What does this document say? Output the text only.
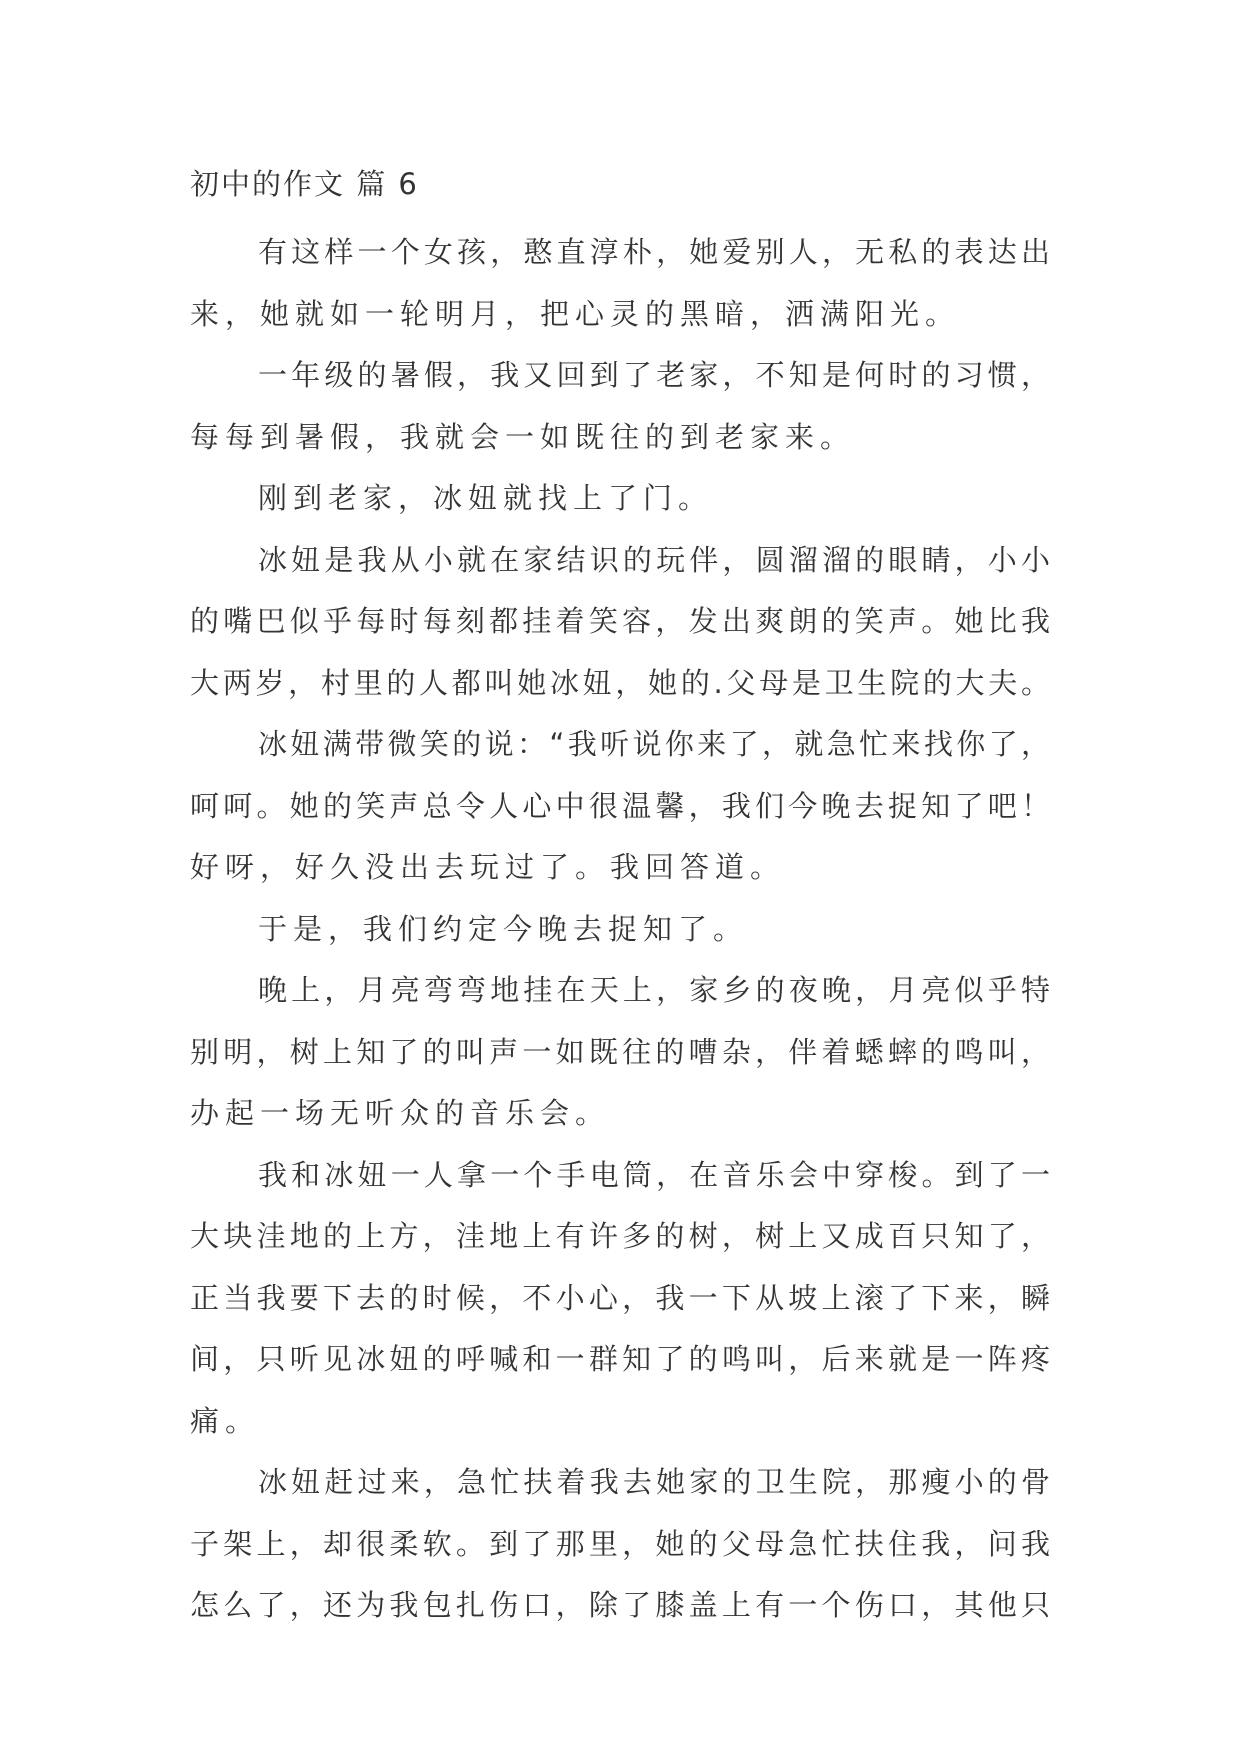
初中的作文 篇 6
有这样一个女孩，憨直淳朴，她爱别人，无私的表达出
来，她就如一轮明月，把心灵的黑暗，洒满阳光。
一年级的暑假，我又回到了老家，不知是何时的习惯，
每每到暑假，我就会一如既往的到老家来。
刚到老家，冰妞就找上了门。
冰妞是我从小就在家结识的玩伴，圆溜溜的眼睛，小小
的嘴巴似乎每时每刻都挂着笑容，发出爽朗的笑声。她比我
大两岁，村里的人都叫她冰妞，她的.父母是卫生院的大夫。
冰妞满带微笑的说：“我听说你来了，就急忙来找你了，
呵呵。她的笑声总令人心中很温馨，我们今晚去捉知了吧！
好呀，好久没出去玩过了。我回答道。
于是，我们约定今晚去捉知了。
晚上，月亮弯弯地挂在天上，家乡的夜晚，月亮似乎特
别明，树上知了的叫声一如既往的嘈杂，伴着蟋蟀的鸣叫，
办起一场无听众的音乐会。
我和冰妞一人拿一个手电筒，在音乐会中穿梭。到了一
大块洼地的上方，洼地上有许多的树，树上又成百只知了，
正当我要下去的时候，不小心，我一下从坡上滚了下来，瞬
间，只听见冰妞的呼喊和一群知了的鸣叫，后来就是一阵疼
痛。
冰妞赶过来，急忙扶着我去她家的卫生院，那瘦小的骨
子架上，却很柔软。到了那里，她的父母急忙扶住我，问我
怎么了，还为我包扎伤口，除了膝盖上有一个伤口，其他只
